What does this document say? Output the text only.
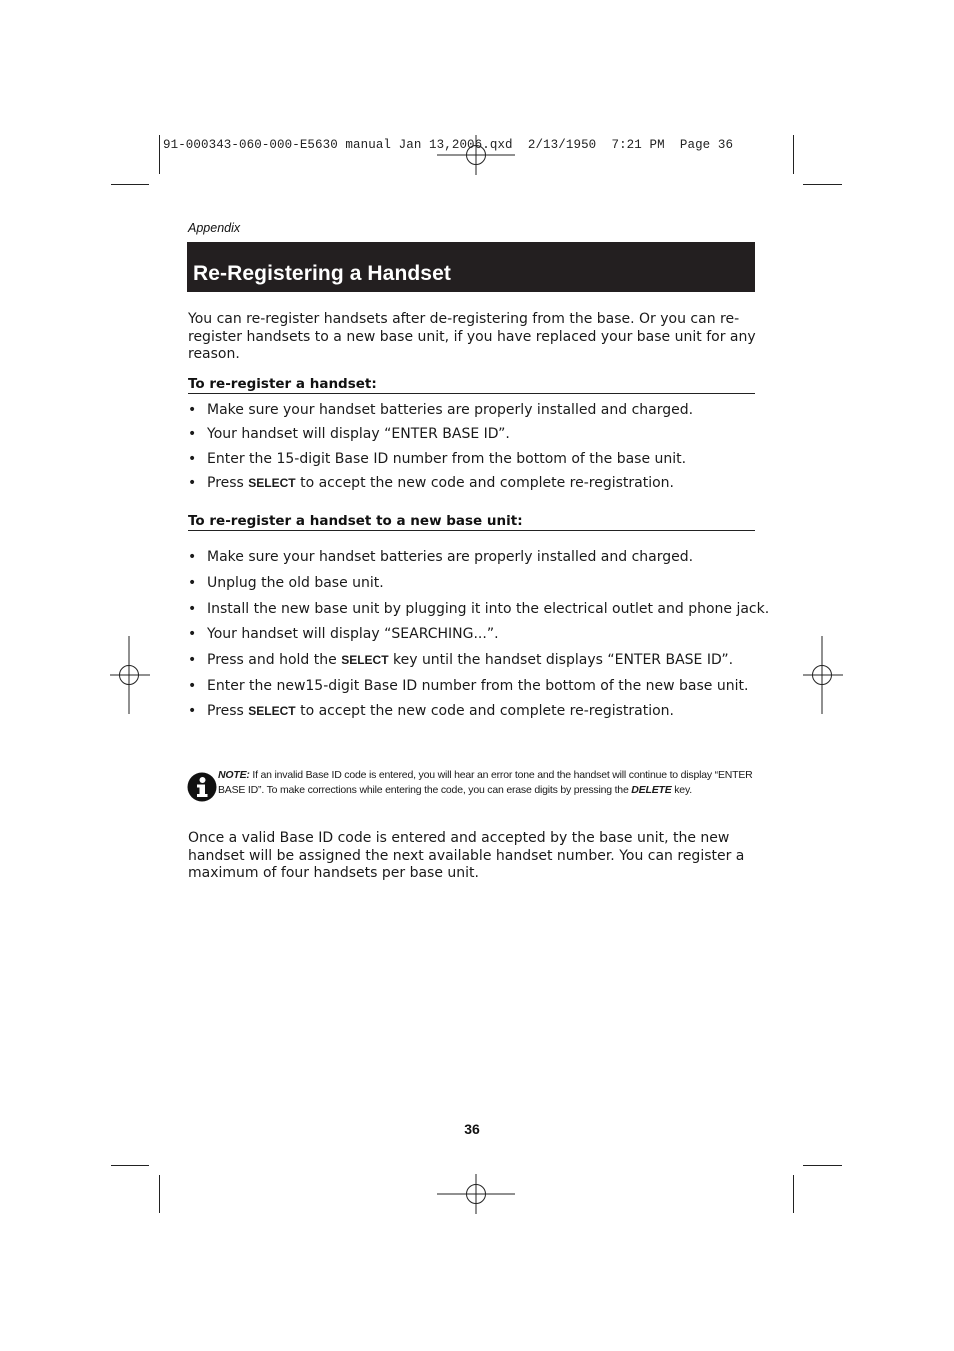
91-000343-060-000-E5630 manual Jan 13,2006.qxd  2/13/1950  7:21 PM  Page 36
Appendix
Re-Registering a Handset
You can re-register handsets after de-registering from the base. Or you can re-register handsets to a new base unit, if you have replaced your base unit for any reason.
To re-register a handset:
• Make sure your handset batteries are properly installed and charged.
• Your handset will display “ENTER BASE ID”.
• Enter the 15-digit Base ID number from the bottom of the base unit.
• Press SELECT to accept the new code and complete re-registration.
To re-register a handset to a new base unit:
• Make sure your handset batteries are properly installed and charged.
• Unplug the old base unit.
• Install the new base unit by plugging it into the electrical outlet and phone jack.
• Your handset will display “SEARCHING...”.
• Press and hold the SELECT key until the handset displays “ENTER BASE ID”.
• Enter the new15-digit Base ID number from the bottom of the new base unit.
• Press SELECT to accept the new code and complete re-registration.
NOTE: If an invalid Base ID code is entered, you will hear an error tone and the handset will continue to display “ENTER BASE ID”. To make corrections while entering the code, you can erase digits by pressing the DELETE key.
Once a valid Base ID code is entered and accepted by the base unit, the new handset will be assigned the next available handset number. You can register a maximum of four handsets per base unit.
36
